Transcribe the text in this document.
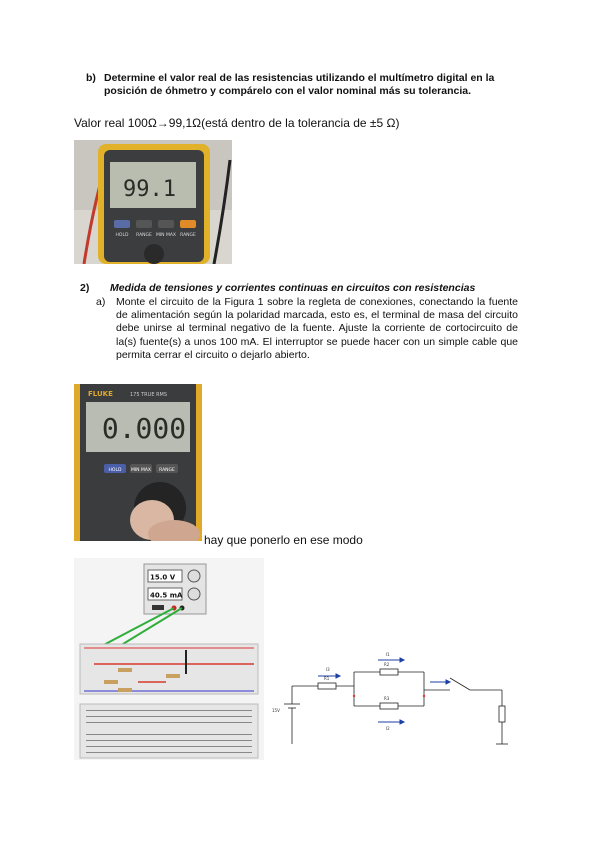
b) Determine el valor real de las resistencias utilizando el multímetro digital en la posición de óhmetro y compárelo con el valor nominal más su tolerancia.
Valor real 100Ω→99,1Ω(está dentro de la tolerancia de ±5 Ω)
99.1
HOLD RANGE MIN MAX RANGE
2) Medida de tensiones y corrientes continuas en circuitos con resistencias
a) Monte el circuito de la Figura 1 sobre la regleta de conexiones, conectando la fuente de alimentación según la polaridad marcada, esto es, el terminal de masa del circuito debe unirse al terminal negativo de la fuente. Ajuste la corriente de cortocircuito de la(s) fuente(s) a unos 100 mA. El interruptor se puede hacer con un simple cable que permita cerrar el circuito o dejarlo abierto.
FLUKE	175 TRUE RMS
0.000
HOLD MIN MAX RANGE
hay que ponerlo en ese modo
15.0 V
40.5 mA
15V
R1
R2
R3
I1
I2
I3
